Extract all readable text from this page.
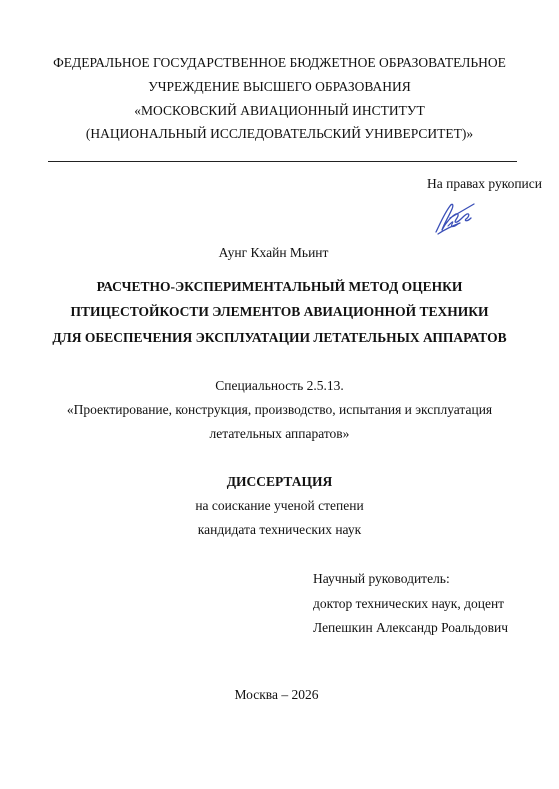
ФЕДЕРАЛЬНОЕ ГОСУДАРСТВЕННОЕ БЮДЖЕТНОЕ ОБРАЗОВАТЕЛЬНОЕ
УЧРЕЖДЕНИЕ ВЫСШЕГО ОБРАЗОВАНИЯ
«МОСКОВСКИЙ АВИАЦИОННЫЙ ИНСТИТУТ
(НАЦИОНАЛЬНЫЙ ИССЛЕДОВАТЕЛЬСКИЙ УНИВЕРСИТЕТ)»
На правах рукописи
Аунг Кхайн Мьинт
РАСЧЕТНО-ЭКСПЕРИМЕНТАЛЬНЫЙ МЕТОД ОЦЕНКИ
ПТИЦЕСТОЙКОСТИ ЭЛЕМЕНТОВ АВИАЦИОННОЙ ТЕХНИКИ
ДЛЯ ОБЕСПЕЧЕНИЯ ЭКСПЛУАТАЦИИ ЛЕТАТЕЛЬНЫХ АППАРАТОВ
Специальность 2.5.13.
«Проектирование, конструкция, производство, испытания и эксплуатация
летательных аппаратов»
ДИССЕРТАЦИЯ
на соискание ученой степени
кандидата технических наук
Научный руководитель:
доктор технических наук, доцент
Лепешкин Александр Роальдович
Москва – 2026
